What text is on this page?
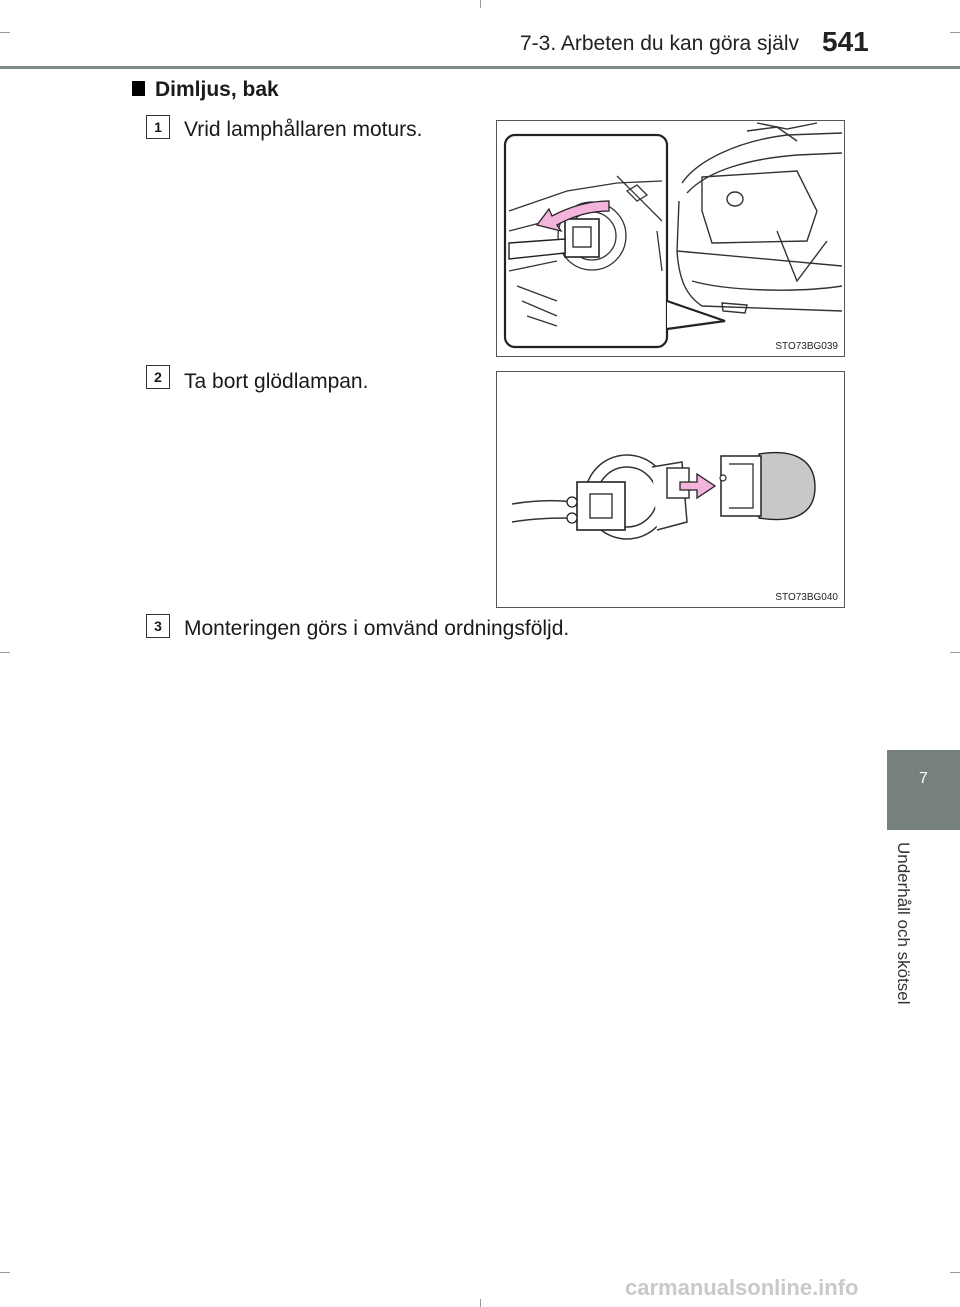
7-3. Arbeten du kan göra själv 541
7
Underhåll och skötsel
Dimljus, bak
1	Vrid lamphållaren moturs.
STO73BG039
2	Ta bort glödlampan.
STO73BG040
3	Monteringen görs i omvänd ordningsföljd.
carmanualsonline.info
